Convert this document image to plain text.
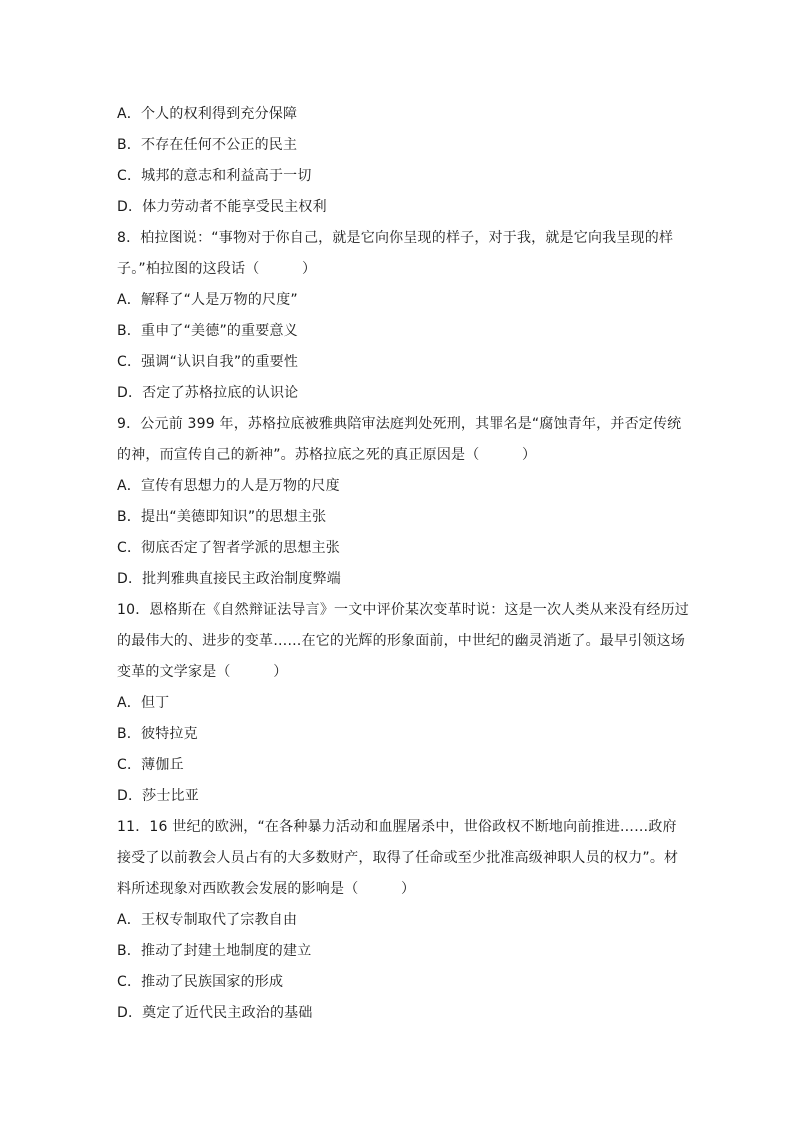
A．个人的权利得到充分保障
B．不存在任何不公正的民主
C．城邦的意志和利益高于一切
D．体力劳动者不能享受民主权利
8．柏拉图说：“事物对于你自己，就是它向你呈现的样子，对于我，就是它向我呈现的样
子。”柏拉图的这段话（　　　）
A．解释了“人是万物的尺度”
B．重申了“美德”的重要意义
C．强调“认识自我”的重要性
D．否定了苏格拉底的认识论
9．公元前 399 年，苏格拉底被雅典陪审法庭判处死刑，其罪名是“腐蚀青年，并否定传统
的神，而宣传自己的新神”。苏格拉底之死的真正原因是（　　　）
A．宣传有思想力的人是万物的尺度
B．提出“美德即知识”的思想主张
C．彻底否定了智者学派的思想主张
D．批判雅典直接民主政治制度弊端
10．恩格斯在《自然辩证法导言》一文中评价某次变革时说：这是一次人类从来没有经历过
的最伟大的、进步的变革……在它的光辉的形象面前，中世纪的幽灵消逝了。最早引领这场
变革的文学家是（　　　）
A．但丁
B．彼特拉克
C．薄伽丘
D．莎士比亚
11．16 世纪的欧洲，“在各种暴力活动和血腥屠杀中，世俗政权不断地向前推进……政府
接受了以前教会人员占有的大多数财产，取得了任命或至少批准高级神职人员的权力”。材
料所述现象对西欧教会发展的影响是（　　　）
A．王权专制取代了宗教自由
B．推动了封建土地制度的建立
C．推动了民族国家的形成
D．奠定了近代民主政治的基础
